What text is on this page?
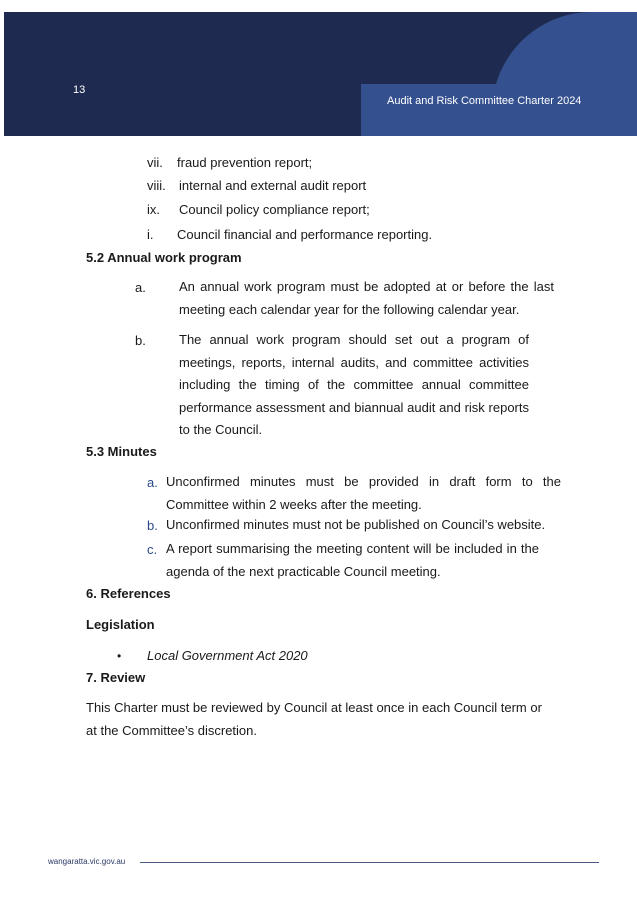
13
Audit and Risk Committee Charter 2024
vii. fraud prevention report;
viii. internal and external audit report
ix. Council policy compliance report;
i. Council financial and performance reporting.
5.2 Annual work program
a.	An annual work program must be adopted at or before the last meeting each calendar year for the following calendar year.
b.	The annual work program should set out a program of meetings, reports, internal audits, and committee activities including the timing of the committee annual committee performance assessment and biannual audit and risk reports to the Council.
5.3 Minutes
a. Unconfirmed minutes must be provided in draft form to the Committee within 2 weeks after the meeting.
b. Unconfirmed minutes must not be published on Council’s website.
c. A report summarising the meeting content will be included in the agenda of the next practicable Council meeting.
6. References
Legislation
• Local Government Act 2020
7. Review
This Charter must be reviewed by Council at least once in each Council term or at the Committee’s discretion.
wangaratta.vic.gov.au
